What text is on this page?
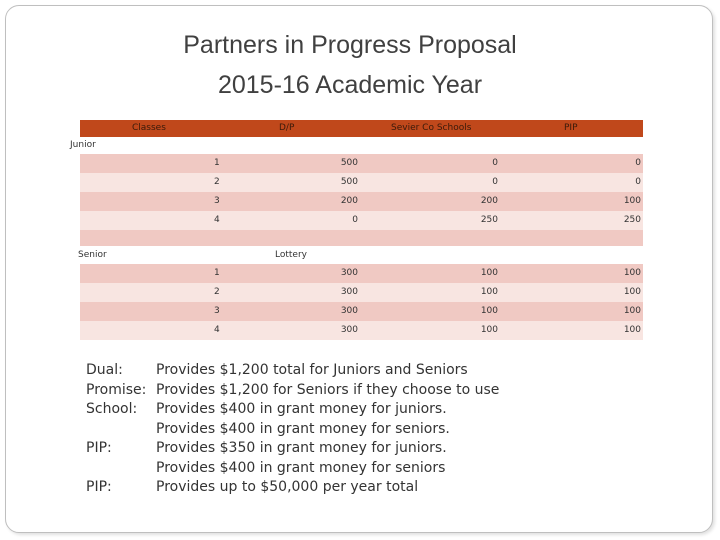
Partners in Progress Proposal
2015-16 Academic Year
Classes	D/P	Sevier Co Schools	PIP
Junior
1	500	0	0
2	500	0	0
3	200	200	100
4	0	250	250
Senior	Lottery
1	300	100	100
2	300	100	100
3	300	100	100
4	300	100	100
Dual: Provides $1,200 total for Juniors and Seniors
Promise: Provides $1,200 for Seniors if they choose to use
School: Provides $400 in grant money for juniors.
Provides $400 in grant money for seniors.
PIP:	Provides $350 in grant money for juniors.
Provides $400 in grant money for seniors
PIP:	Provides up to $50,000 per year total
